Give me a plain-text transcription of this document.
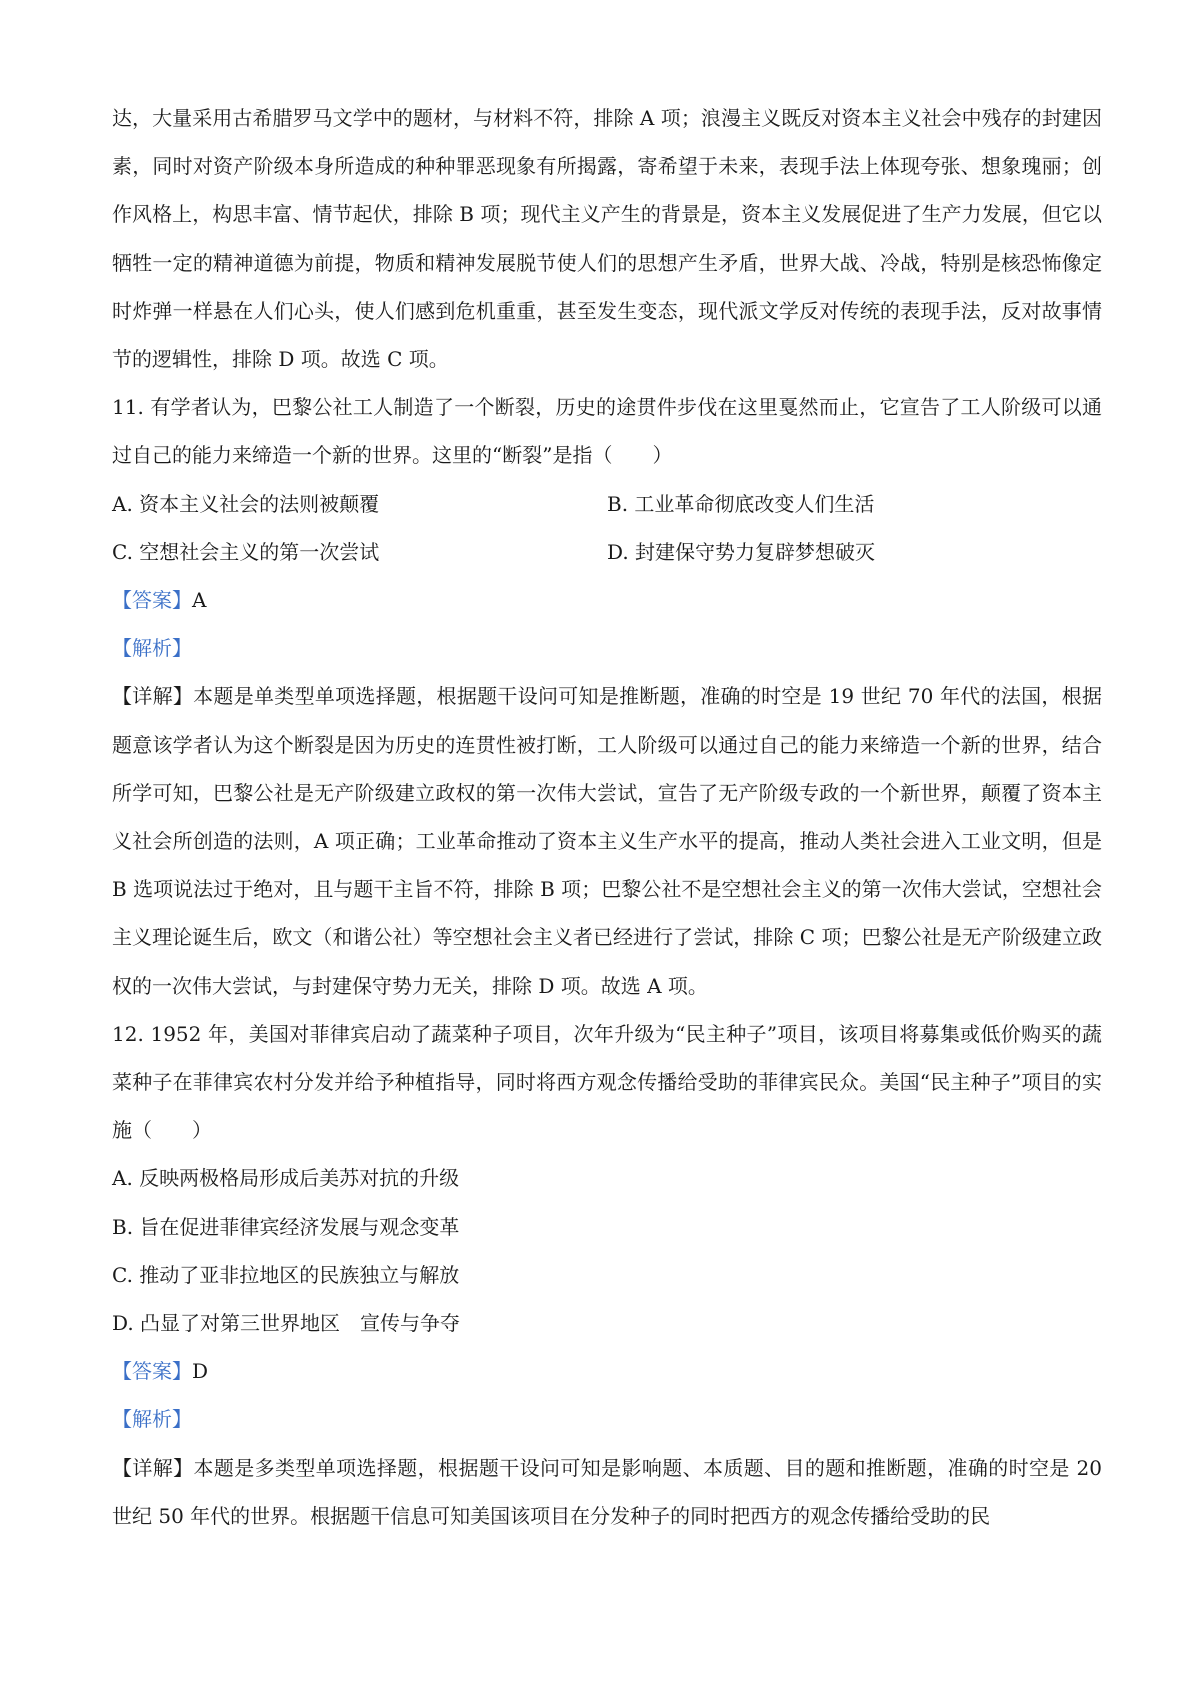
达，大量采用古希腊罗马文学中的题材，与材料不符，排除 A 项；浪漫主义既反对资本主义社会中残存的封建因素，同时对资产阶级本身所造成的种种罪恶现象有所揭露，寄希望于未来，表现手法上体现夸张、想象瑰丽；创作风格上，构思丰富、情节起伏，排除 B 项；现代主义产生的背景是，资本主义发展促进了生产力发展，但它以牺牲一定的精神道德为前提，物质和精神发展脱节使人们的思想产生矛盾，世界大战、冷战，特别是核恐怖像定时炸弹一样悬在人们心头，使人们感到危机重重，甚至发生变态，现代派文学反对传统的表现手法，反对故事情节的逻辑性，排除 D 项。故选 C 项。

11. 有学者认为，巴黎公社工人制造了一个断裂，历史的途贯件步伐在这里戛然而止，它宣告了工人阶级可以通过自己的能力来缔造一个新的世界。这里的“断裂”是指（　　）

A. 资本主义社会的法则被颠覆	B. 工业革命彻底改变人们生活

C. 空想社会主义的第一次尝试	D. 封建保守势力复辟梦想破灭

【答案】A

【解析】

【详解】本题是单类型单项选择题，根据题干设问可知是推断题，准确的时空是 19 世纪 70 年代的法国，根据题意该学者认为这个断裂是因为历史的连贯性被打断，工人阶级可以通过自己的能力来缔造一个新的世界，结合所学可知，巴黎公社是无产阶级建立政权的第一次伟大尝试，宣告了无产阶级专政的一个新世界，颠覆了资本主义社会所创造的法则，A 项正确；工业革命推动了资本主义生产水平的提高，推动人类社会进入工业文明，但是 B 选项说法过于绝对，且与题干主旨不符，排除 B 项；巴黎公社不是空想社会主义的第一次伟大尝试，空想社会主义理论诞生后，欧文（和谐公社）等空想社会主义者已经进行了尝试，排除 C 项；巴黎公社是无产阶级建立政权的一次伟大尝试，与封建保守势力无关，排除 D 项。故选 A 项。

12. 1952 年，美国对菲律宾启动了蔬菜种子项目，次年升级为“民主种子”项目，该项目将募集或低价购买的蔬菜种子在菲律宾农村分发并给予种植指导，同时将西方观念传播给受助的菲律宾民众。美国“民主种子”项目的实施（　　）

A. 反映两极格局形成后美苏对抗的升级

B. 旨在促进菲律宾经济发展与观念变革

C. 推动了亚非拉地区的民族独立与解放

D. 凸显了对第三世界地区　宣传与争夺

【答案】D

【解析】

【详解】本题是多类型单项选择题，根据题干设问可知是影响题、本质题、目的题和推断题，准确的时空是 20 世纪 50 年代的世界。根据题干信息可知美国该项目在分发种子的同时把西方的观念传播给受助的民
